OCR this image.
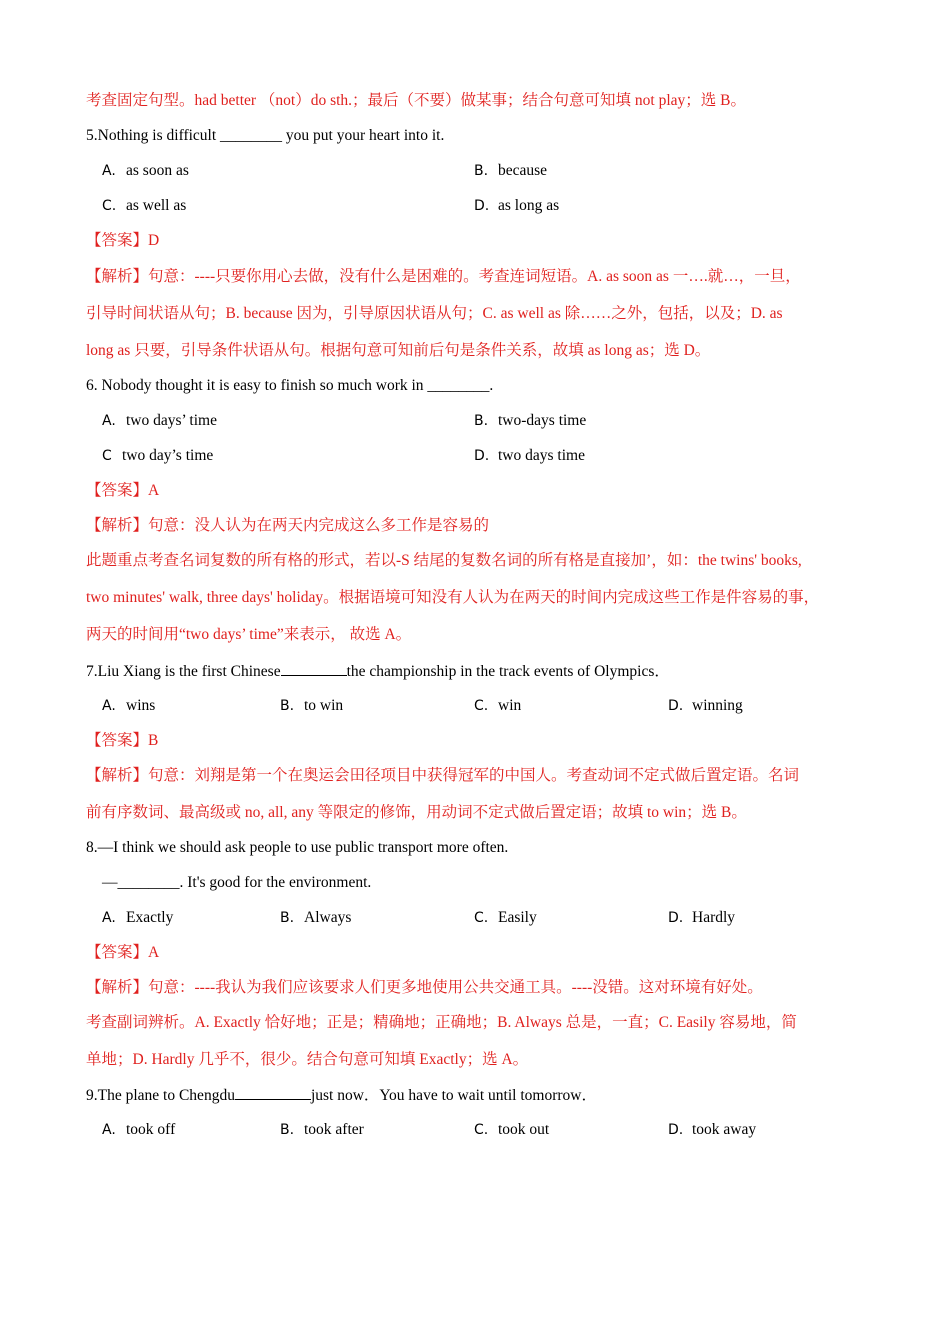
考查固定句型。had better （not）do sth.；最后（不要）做某事；结合句意可知填 not play；选 B。
5.Nothing is difficult ________ you put your heart into it.
A. as soon as	B. because
C. as well as	D. as long as
【答案】D
【解析】句意：----只要你用心去做，没有什么是困难的。考查连词短语。A. as soon as 一….就…，一旦，
引导时间状语从句；B. because 因为，引导原因状语从句；C. as well as 除……之外，包括，以及；D. as
long as 只要，引导条件状语从句。根据句意可知前后句是条件关系，故填 as long as；选 D。
6. Nobody thought it is easy to finish so much work in ________.
A. two days’ time	B. two-days time
C two day’s time	D. two days time
【答案】A
【解析】句意：没人认为在两天内完成这么多工作是容易的
此题重点考查名词复数的所有格的形式，若以-S 结尾的复数名词的所有格是直接加’，如：the twins' books,
two minutes' walk, three days' holiday。根据语境可知没有人认为在两天的时间内完成这些工作是件容易的事，
两天的时间用“two days’ time”来表示， 故选 A。
7.Liu Xiang is the first Chinese	the championship in the track events of Olympics．
A. wins	B. to win	C. win	D. winning
【答案】B
【解析】句意：刘翔是第一个在奥运会田径项目中获得冠军的中国人。考查动词不定式做后置定语。名词
前有序数词、最高级或 no, all, any 等限定的修饰，用动词不定式做后置定语；故填 to win；选 B。
8.—I think we should ask people to use public transport more often.
—________. It's good for the environment.
A. Exactly	B. Always	C. Easily	D. Hardly
【答案】A
【解析】句意：----我认为我们应该要求人们更多地使用公共交通工具。----没错。这对环境有好处。
考查副词辨析。A. Exactly 恰好地；正是；精确地；正确地；B. Always 总是，一直；C. Easily 容易地，简
单地；D. Hardly 几乎不，很少。结合句意可知填 Exactly；选 A。
9.The plane to Chengdu	just now．You have to wait until tomorrow．
A. took off	B. took after	C. took out	D. took away
